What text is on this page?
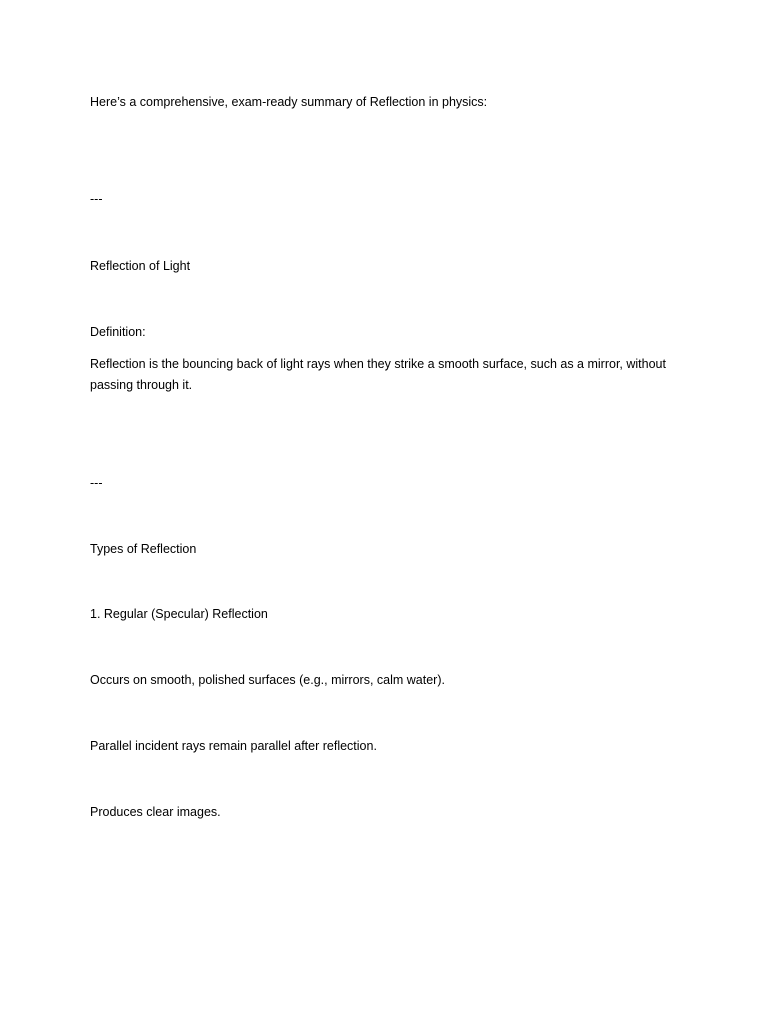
Here’s a comprehensive, exam-ready summary of Reflection in physics:
---
Reflection of Light
Definition:
Reflection is the bouncing back of light rays when they strike a smooth surface, such as a mirror, without passing through it.
---
Types of Reflection
1. Regular (Specular) Reflection
Occurs on smooth, polished surfaces (e.g., mirrors, calm water).
Parallel incident rays remain parallel after reflection.
Produces clear images.
